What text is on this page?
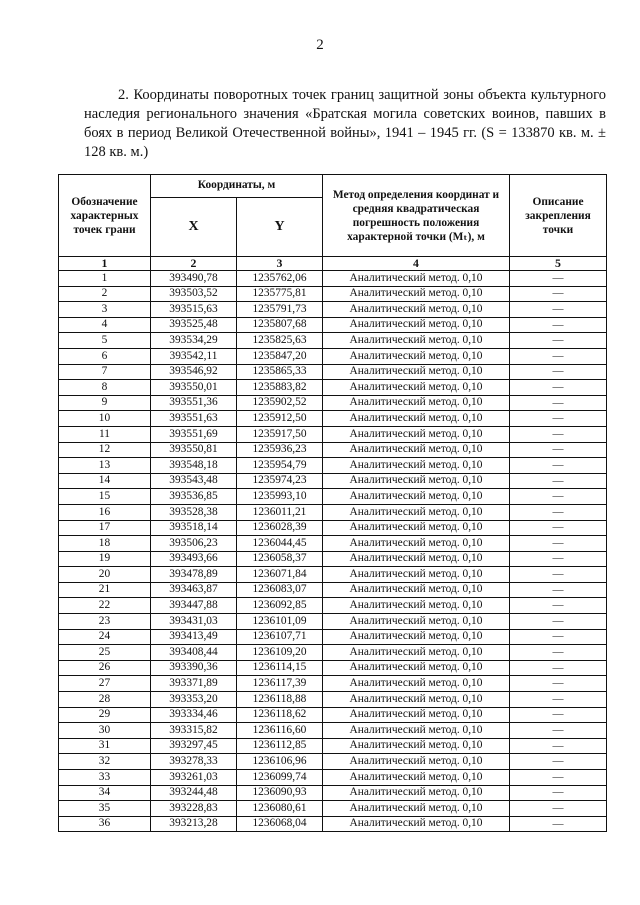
2

2. Координаты поворотных точек границ защитной зоны объекта культурного наследия регионального значения «Братская могила советских воинов, павших в боях в период Великой Отечественной войны», 1941 – 1945 гг. (S = 133870 кв. м. ± 128 кв. м.)

Обозначение характерных точек грани	Координаты, м		Метод определения координат и средняя квадратическая погрешность положения характерной точки (Mₜ), м	Описание закрепления точки
	X	Y		
1	2	3	4	5
1	393490,78	1235762,06	Аналитический метод. 0,10	—
2	393503,52	1235775,81	Аналитический метод. 0,10	—
3	393515,63	1235791,73	Аналитический метод. 0,10	—
4	393525,48	1235807,68	Аналитический метод. 0,10	—
5	393534,29	1235825,63	Аналитический метод. 0,10	—
6	393542,11	1235847,20	Аналитический метод. 0,10	—
7	393546,92	1235865,33	Аналитический метод. 0,10	—
8	393550,01	1235883,82	Аналитический метод. 0,10	—
9	393551,36	1235902,52	Аналитический метод. 0,10	—
10	393551,63	1235912,50	Аналитический метод. 0,10	—
11	393551,69	1235917,50	Аналитический метод. 0,10	—
12	393550,81	1235936,23	Аналитический метод. 0,10	—
13	393548,18	1235954,79	Аналитический метод. 0,10	—
14	393543,48	1235974,23	Аналитический метод. 0,10	—
15	393536,85	1235993,10	Аналитический метод. 0,10	—
16	393528,38	1236011,21	Аналитический метод. 0,10	—
17	393518,14	1236028,39	Аналитический метод. 0,10	—
18	393506,23	1236044,45	Аналитический метод. 0,10	—
19	393493,66	1236058,37	Аналитический метод. 0,10	—
20	393478,89	1236071,84	Аналитический метод. 0,10	—
21	393463,87	1236083,07	Аналитический метод. 0,10	—
22	393447,88	1236092,85	Аналитический метод. 0,10	—
23	393431,03	1236101,09	Аналитический метод. 0,10	—
24	393413,49	1236107,71	Аналитический метод. 0,10	—
25	393408,44	1236109,20	Аналитический метод. 0,10	—
26	393390,36	1236114,15	Аналитический метод. 0,10	—
27	393371,89	1236117,39	Аналитический метод. 0,10	—
28	393353,20	1236118,88	Аналитический метод. 0,10	—
29	393334,46	1236118,62	Аналитический метод. 0,10	—
30	393315,82	1236116,60	Аналитический метод. 0,10	—
31	393297,45	1236112,85	Аналитический метод. 0,10	—
32	393278,33	1236106,96	Аналитический метод. 0,10	—
33	393261,03	1236099,74	Аналитический метод. 0,10	—
34	393244,48	1236090,93	Аналитический метод. 0,10	—
35	393228,83	1236080,61	Аналитический метод. 0,10	—
36	393213,28	1236068,04	Аналитический метод. 0,10	—
